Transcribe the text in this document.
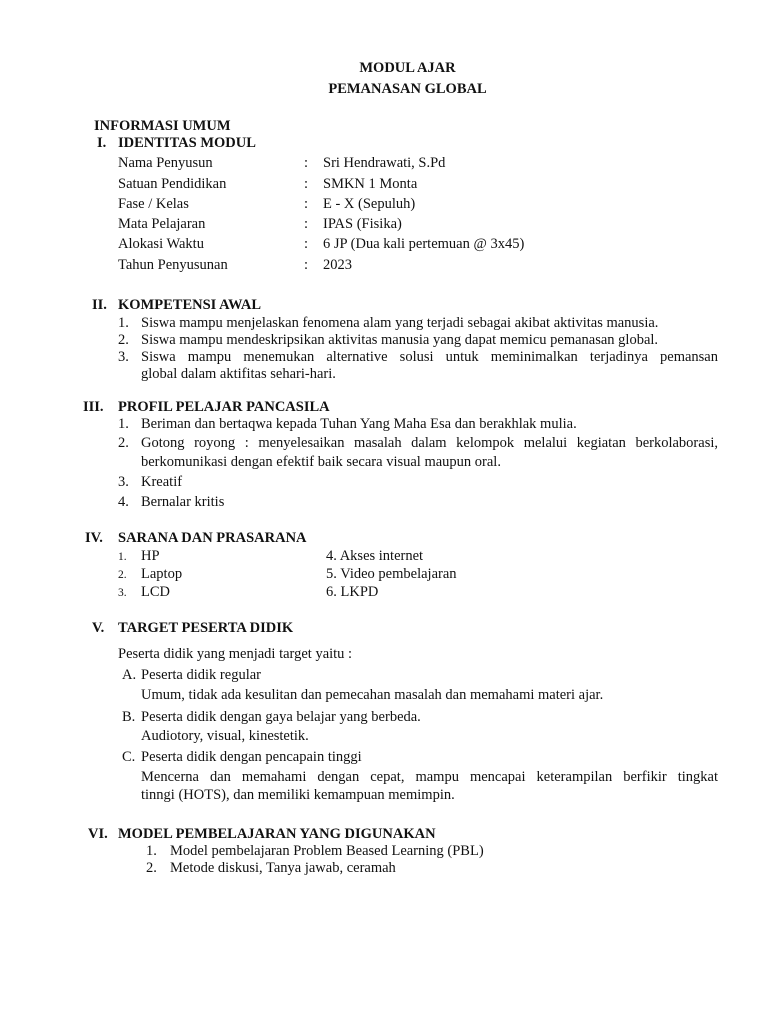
MODUL AJAR
PEMANASAN GLOBAL
INFORMASI UMUM
I. IDENTITAS MODUL
Nama Penyusun	: Sri Hendrawati, S.Pd
Satuan Pendidikan	: SMKN 1 Monta
Fase / Kelas	: E - X (Sepuluh)
Mata Pelajaran	: IPAS (Fisika)
Alokasi Waktu	: 6 JP (Dua kali pertemuan @ 3x45)
Tahun Penyusunan	: 2023
II. KOMPETENSI AWAL
1. Siswa mampu menjelaskan fenomena alam yang terjadi sebagai akibat aktivitas manusia.
2. Siswa mampu mendeskripsikan aktivitas manusia yang dapat memicu pemanasan global.
3. Siswa mampu menemukan alternative solusi untuk meminimalkan terjadinya pemansan
global dalam aktifitas sehari-hari.
III. PROFIL PELAJAR PANCASILA
1. Beriman dan bertaqwa kepada Tuhan Yang Maha Esa dan berakhlak mulia.
2. Gotong royong : menyelesaikan masalah dalam kelompok melalui kegiatan berkolaborasi,
berkomunikasi dengan efektif baik secara visual maupun oral.
3. Kreatif
4. Bernalar kritis
IV. SARANA DAN PRASARANA
1. HP	4. Akses internet
2. Laptop	5. Video pembelajaran
3. LCD	6. LKPD
V. TARGET PESERTA DIDIK
Peserta didik yang menjadi target yaitu :
A. Peserta didik regular
Umum, tidak ada kesulitan dan pemecahan masalah dan memahami materi ajar.
B. Peserta didik dengan gaya belajar yang berbeda.
Audiotory, visual, kinestetik.
C. Peserta didik dengan pencapain tinggi
Mencerna dan memahami dengan cepat, mampu mencapai keterampilan berfikir tingkat
tinngi (HOTS), dan memiliki kemampuan memimpin.
VI. MODEL PEMBELAJARAN YANG DIGUNAKAN
1. Model pembelajaran Problem Beased Learning (PBL)
2. Metode diskusi, Tanya jawab, ceramah
